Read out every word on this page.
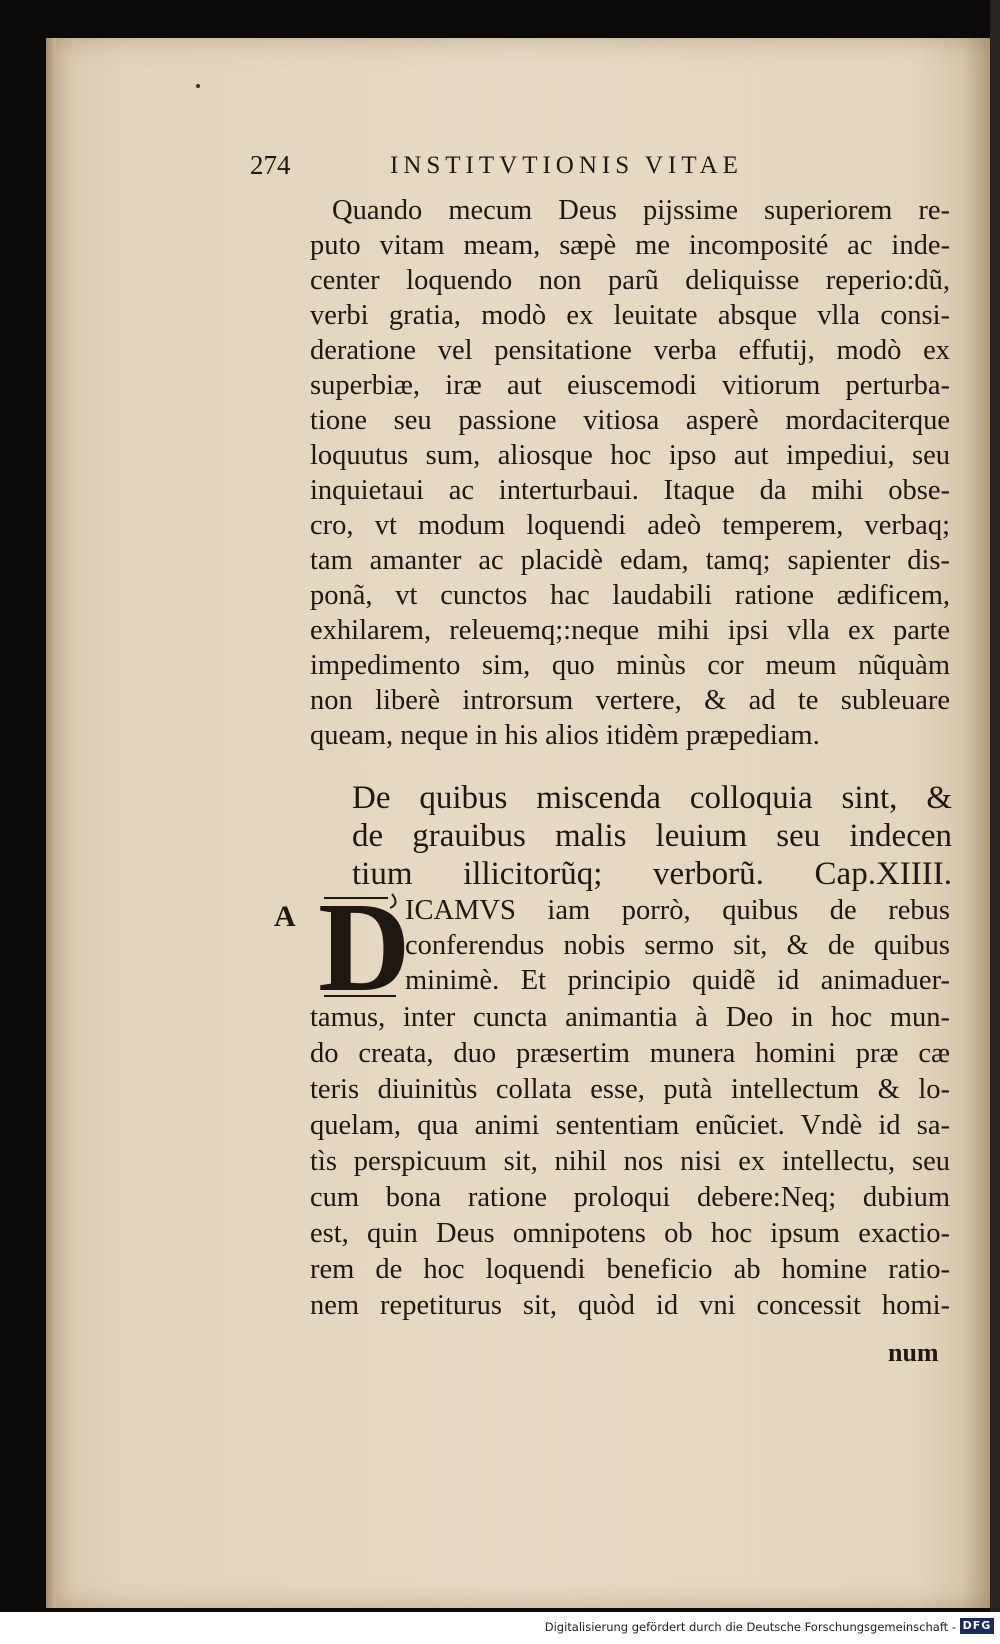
274	INSTITVTIONIS VITAE
Quando mecum Deus pijssime superiorem re-
puto vitam meam, sæpè me incomposité ac inde-
center loquendo non parũ deliquisse reperio:dũ,
verbi gratia, modò ex leuitate absque vlla consi-
deratione vel pensitatione verba effutij, modò ex
superbiæ, iræ aut eiuscemodi vitiorum perturba-
tione seu passione vitiosa asperè mordaciterque
loquutus sum, aliosque hoc ipso aut impediui, seu
inquietaui ac interturbaui. Itaque da mihi obse-
cro, vt modum loquendi adeò temperem, verbaq;
tam amanter ac placidè edam, tamq; sapienter dis-
ponã, vt cunctos hac laudabili ratione ædificem,
exhilarem, releuemq;:neque mihi ipsi vlla ex parte
impedimento sim, quo minùs cor meum nũquàm
non liberè introrsum vertere, & ad te subleuare
queam, neque in his alios itidèm præpediam.
De quibus miscenda colloquia sint, &
de grauibus malis leuium seu indecen
tium illicitorũq; verborũ. Cap.XIIII.
A D
ICAMVS iam porrò, quibus de rebus
conferendus nobis sermo sit, & de quibus
minimè. Et principio quidẽ id animaduer-
tamus, inter cuncta animantia à Deo in hoc mun-
do creata, duo præsertim munera homini præ cæ
teris diuinitùs collata esse, putà intellectum & lo-
quelam, qua animi sententiam enũciet. Vndè id sa-
tìs perspicuum sit, nihil nos nisi ex intellectu, seu
cum bona ratione proloqui debere:Neq; dubium
est, quin Deus omnipotens ob hoc ipsum exactio-
rem de hoc loquendi beneficio ab homine ratio-
nem repetiturus sit, quòd id vni concessit homi-
num
Digitalisierung gefördert durch die Deutsche Forschungsgemeinschaft - DFG
